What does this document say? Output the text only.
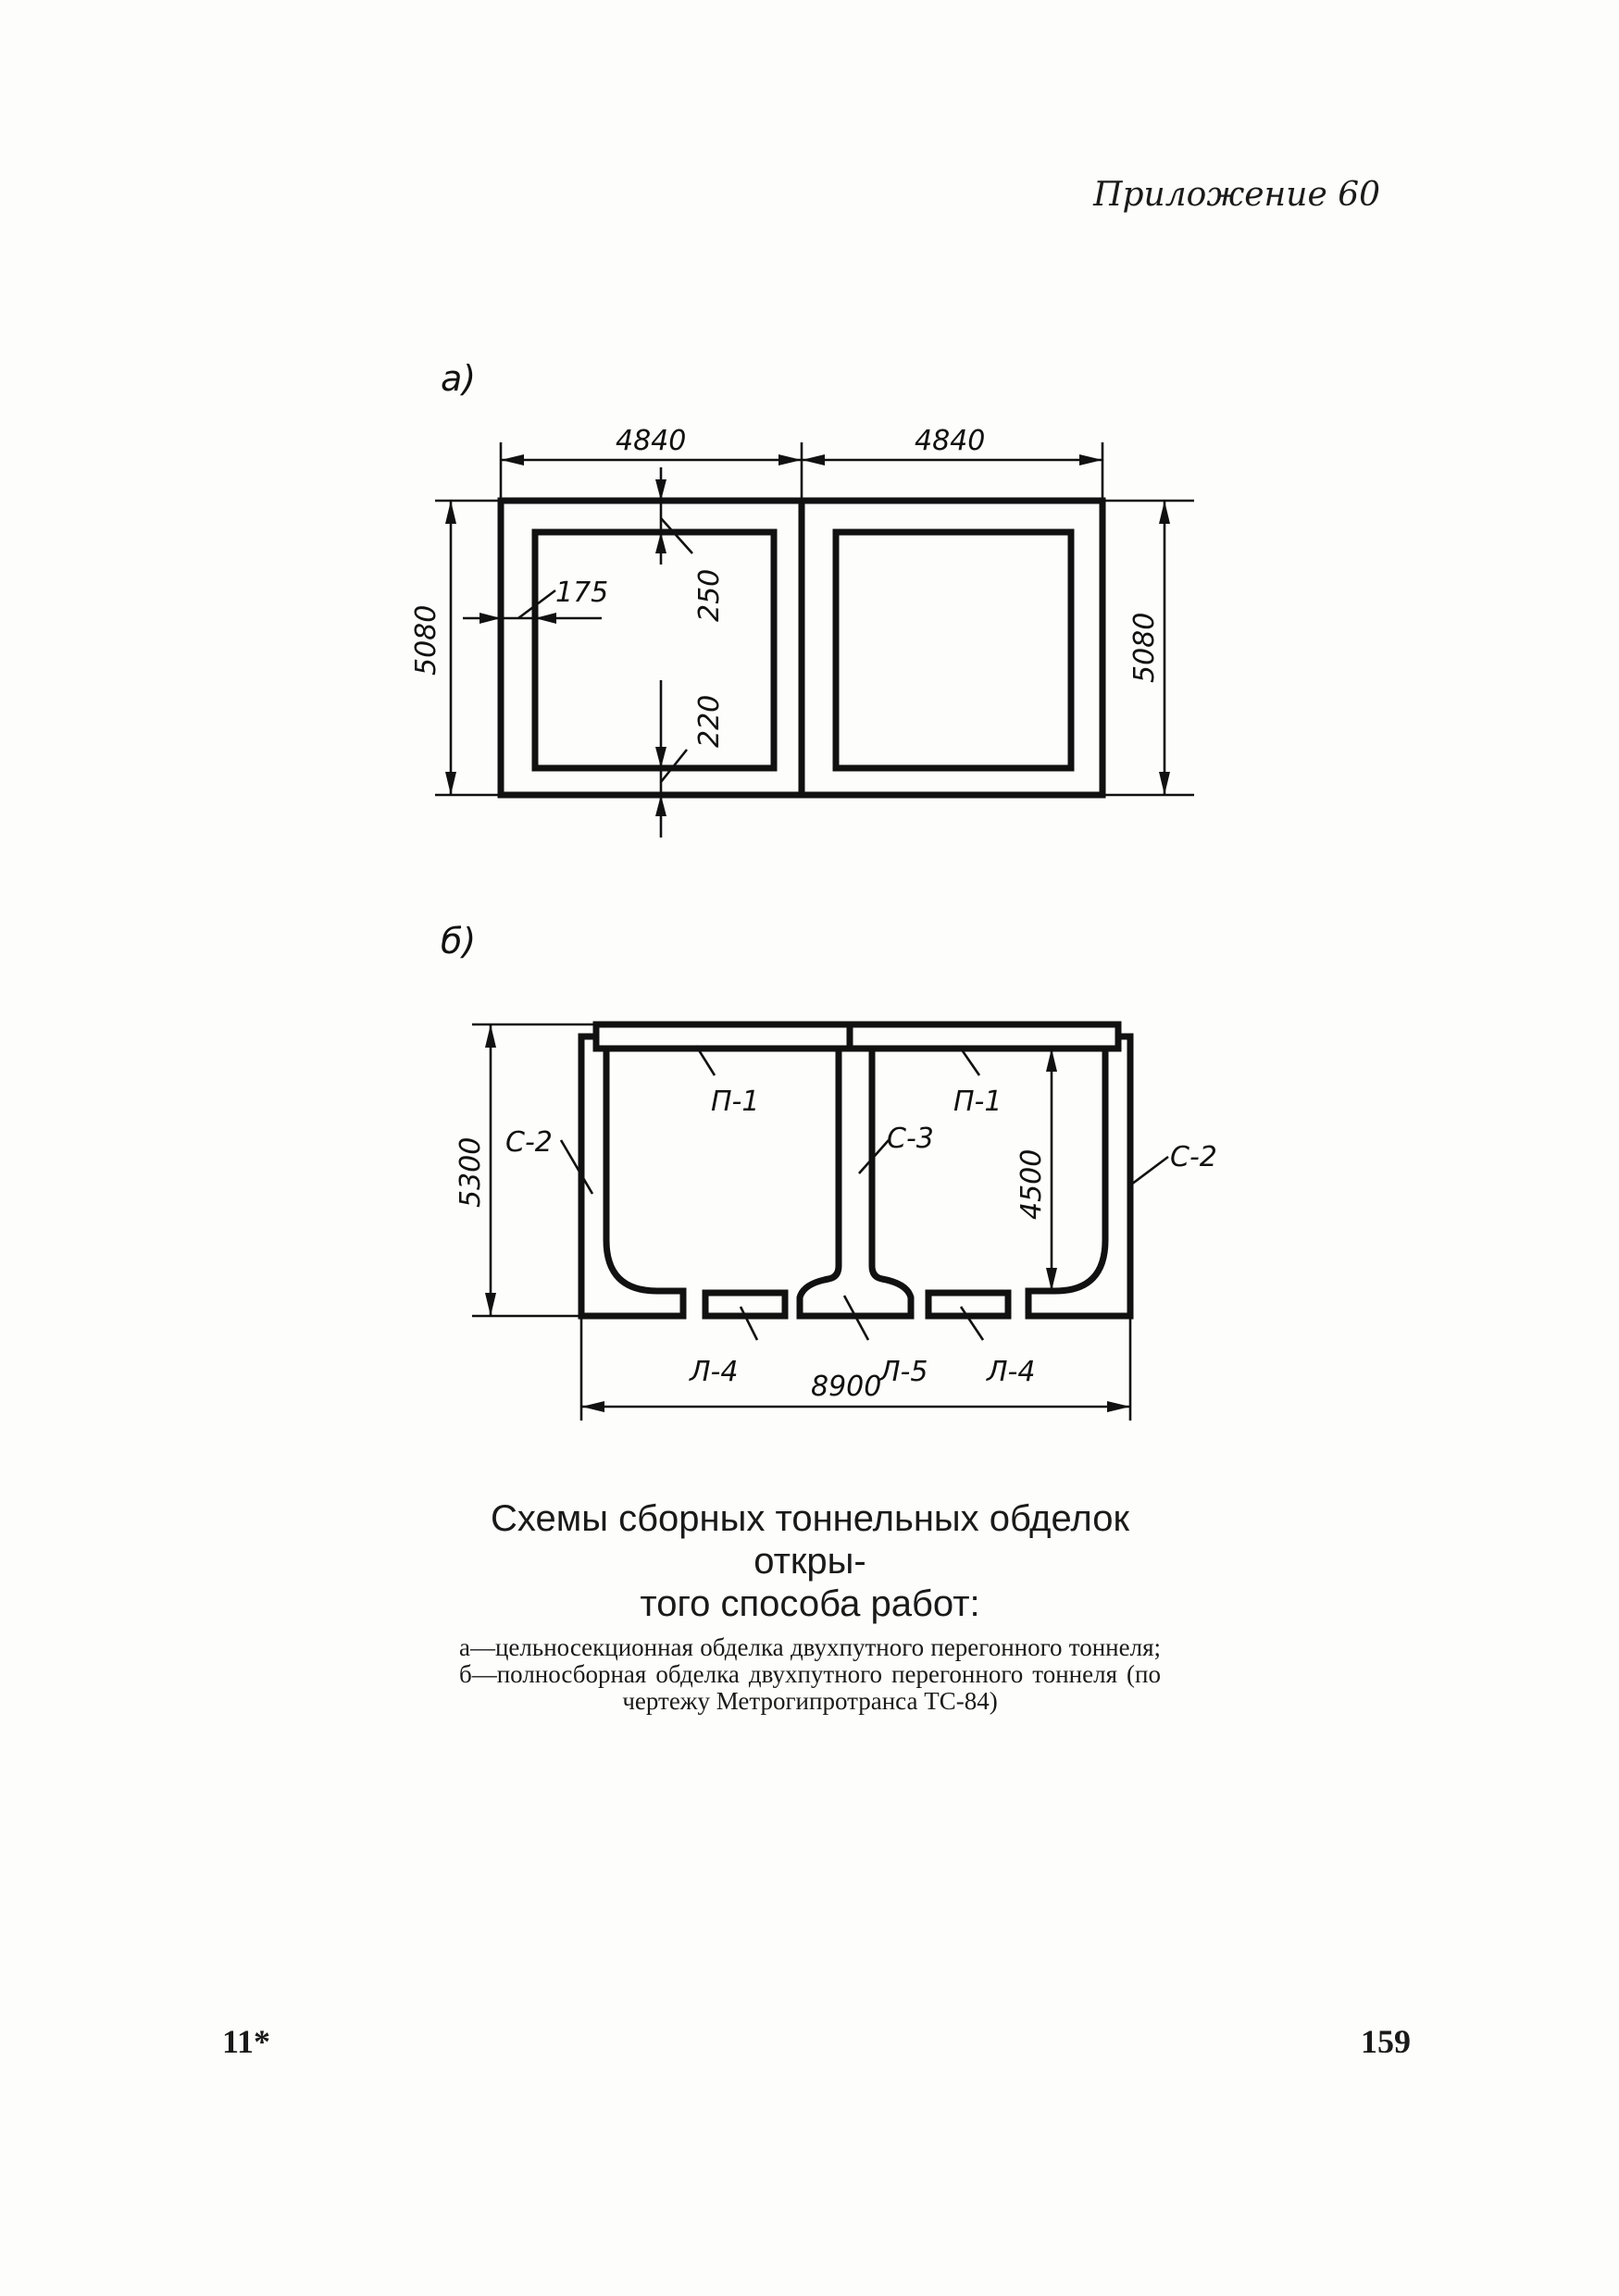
Приложение 60
a)
4840	4840
5080	5080
175	250
220
б)
5300	4500
8900
П-1	П-1
С-2	С-2
С-3
Л-4	Л-5 Л-4
Схемы сборных тоннельных обделок откры-
того способа работ:
а—цельносекционная обделка двухпутного перегонного тоннеля; б—полносборная обделка двухпутного перегонного тоннеля (по чертежу Метрогипротранса ТС-84)
11*	159
